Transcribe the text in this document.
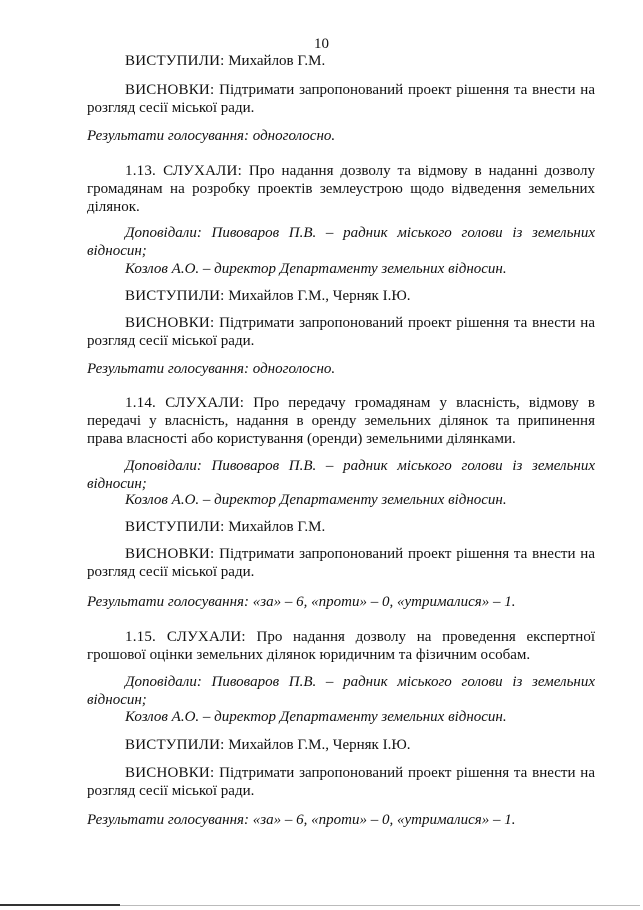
10

ВИСТУПИЛИ: Михайлов Г.М.

ВИСНОВКИ: Підтримати запропонований проект рішення та внести на розгляд сесії міської ради.

Результати голосування: одноголосно.

1.13. СЛУХАЛИ: Про надання дозволу та відмову в наданні дозволу громадянам на розробку проектів землеустрою щодо відведення земельних ділянок.

Доповідали: Пивоваров П.В. – радник міського голови із земельних відносин;

Козлов А.О. – директор Департаменту земельних відносин.

ВИСТУПИЛИ: Михайлов Г.М., Черняк І.Ю.

ВИСНОВКИ: Підтримати запропонований проект рішення та внести на розгляд сесії міської ради.

Результати голосування: одноголосно.

1.14. СЛУХАЛИ: Про передачу громадянам у власність, відмову в передачі у власність, надання в оренду земельних ділянок та припинення права власності або користування (оренди) земельними ділянками.

Доповідали: Пивоваров П.В. – радник міського голови із земельних відносин;

Козлов А.О. – директор Департаменту земельних відносин.

ВИСТУПИЛИ: Михайлов Г.М.

ВИСНОВКИ: Підтримати запропонований проект рішення та внести на розгляд сесії міської ради.

Результати голосування: «за» – 6, «проти» – 0, «утрималися» – 1.

1.15. СЛУХАЛИ: Про надання дозволу на проведення експертної грошової оцінки земельних ділянок юридичним та фізичним особам.

Доповідали: Пивоваров П.В. – радник міського голови із земельних відносин;

Козлов А.О. – директор Департаменту земельних відносин.

ВИСТУПИЛИ: Михайлов Г.М., Черняк І.Ю.

ВИСНОВКИ: Підтримати запропонований проект рішення та внести на розгляд сесії міської ради.

Результати голосування: «за» – 6, «проти» – 0, «утрималися» – 1.
